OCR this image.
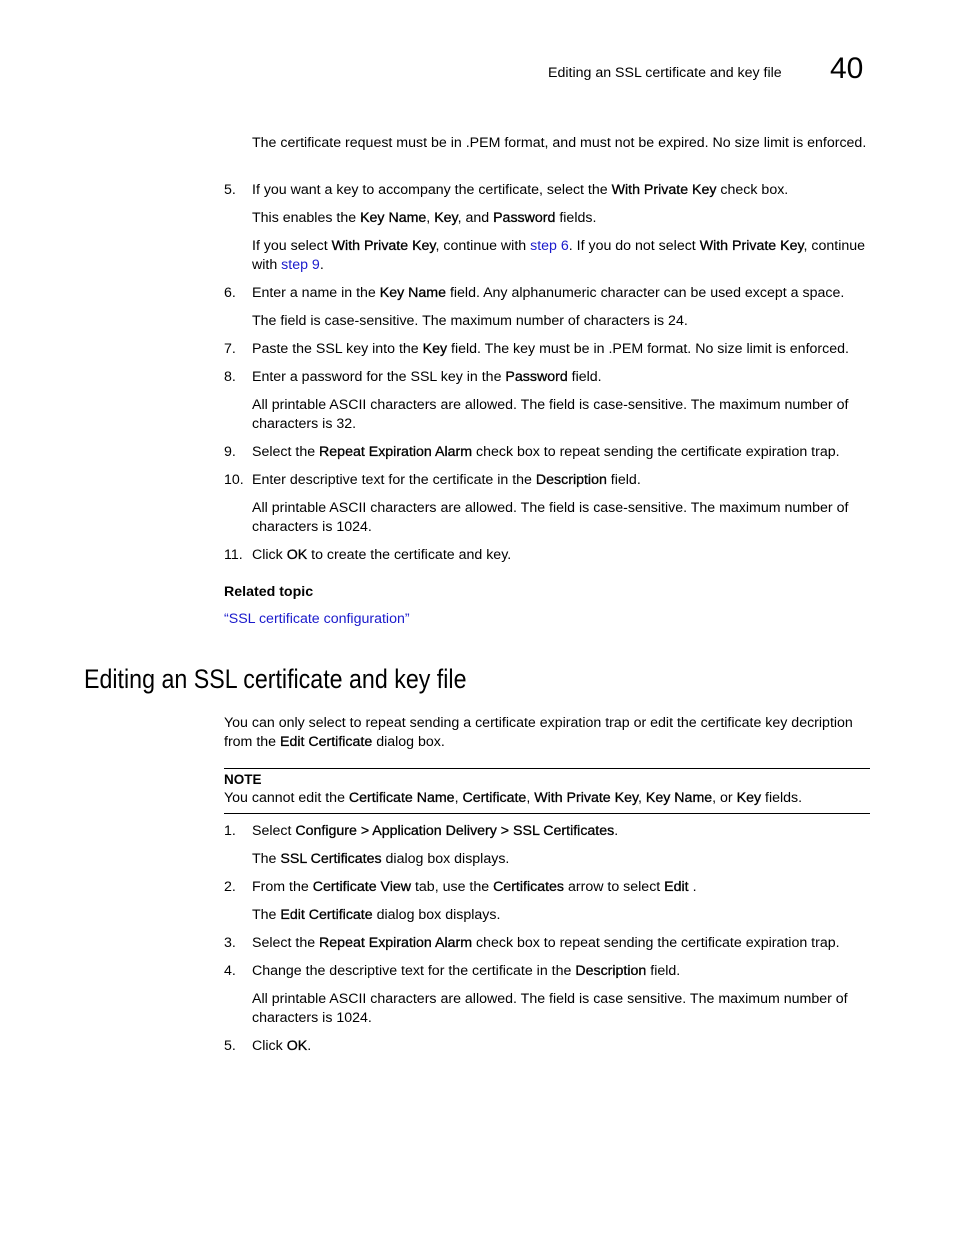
Editing an SSL certificate and key file 40

The certificate request must be in .PEM format, and must not be expired. No size limit is enforced.

5. If you want a key to accompany the certificate, select the With Private Key check box.

This enables the Key Name, Key, and Password fields.

If you select With Private Key, continue with step 6. If you do not select With Private Key, continue with step 9.

6. Enter a name in the Key Name field. Any alphanumeric character can be used except a space.

The field is case-sensitive. The maximum number of characters is 24.

7. Paste the SSL key into the Key field. The key must be in .PEM format. No size limit is enforced.

8. Enter a password for the SSL key in the Password field.

All printable ASCII characters are allowed. The field is case-sensitive. The maximum number of characters is 32.

9. Select the Repeat Expiration Alarm check box to repeat sending the certificate expiration trap.

10. Enter descriptive text for the certificate in the Description field.

All printable ASCII characters are allowed. The field is case-sensitive. The maximum number of characters is 1024.

11. Click OK to create the certificate and key.

Related topic
“SSL certificate configuration”
Editing an SSL certificate and key file

You can only select to repeat sending a certificate expiration trap or edit the certificate key decription from the Edit Certificate dialog box.

NOTE
You cannot edit the Certificate Name, Certificate, With Private Key, Key Name, or Key fields.
1. Select Configure > Application Delivery > SSL Certificates.

The SSL Certificates dialog box displays.

2. From the Certificate View tab, use the Certificates arrow to select Edit .

The Edit Certificate dialog box displays.

3. Select the Repeat Expiration Alarm check box to repeat sending the certificate expiration trap.

4. Change the descriptive text for the certificate in the Description field.

All printable ASCII characters are allowed. The field is case sensitive. The maximum number of characters is 1024.

5. Click OK.
